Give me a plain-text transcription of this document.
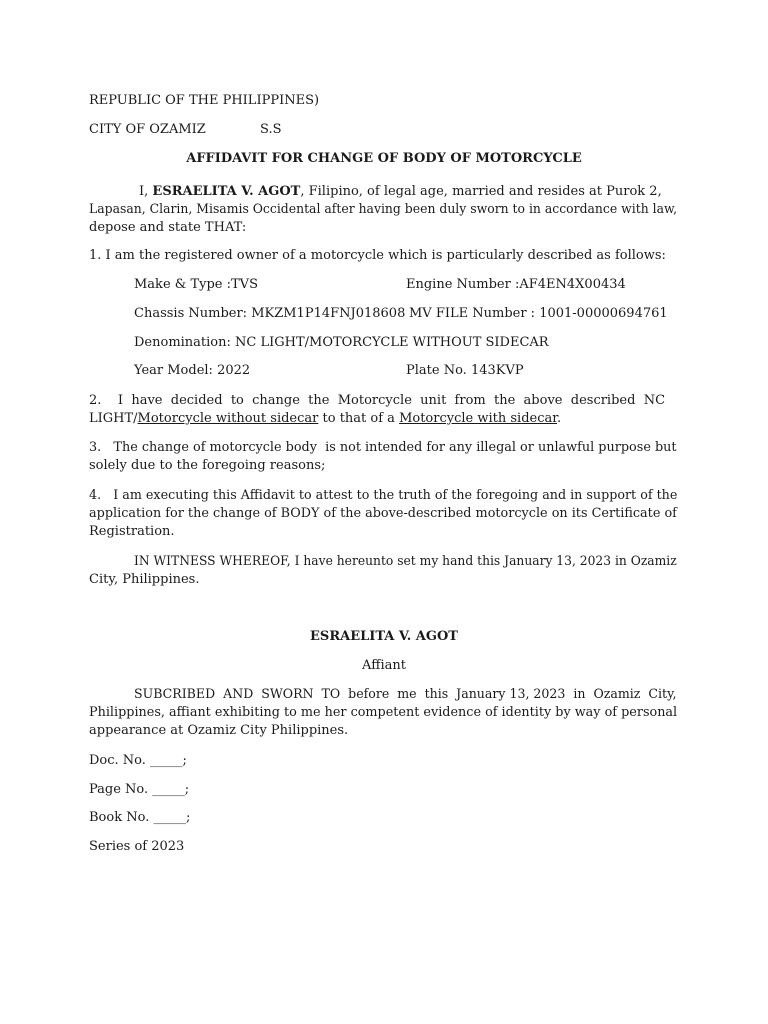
REPUBLIC OF THE PHILIPPINES)
CITY OF OZAMIZ	S.S
AFFIDAVIT FOR CHANGE OF BODY OF MOTORCYCLE
I, ESRAELITA V. AGOT, Filipino, of legal age, married and resides at Purok 2,
Lapasan, Clarin, Misamis Occidental after having been duly sworn to in accordance with law,
depose and state THAT:
1. I am the registered owner of a motorcycle which is particularly described as follows:
Make & Type :TVS	Engine Number :AF4EN4X00434
Chassis Number: MKZM1P14FNJ018608 MV FILE Number : 1001-00000694761
Denomination: NC LIGHT/MOTORCYCLE WITHOUT SIDECAR
Year Model: 2022	Plate No. 143KVP
2.    I  have  decided  to  change  the  Motorcycle  unit  from  the  above  described  NC
LIGHT/Motorcycle without sidecar to that of a Motorcycle with sidecar.
3.   The change of motorcycle body  is not intended for any illegal or unlawful purpose but
solely due to the foregoing reasons;
4.   I am executing this Affidavit to attest to the truth of the foregoing and in support of the
application for the change of BODY of the above-described motorcycle on its Certificate of
Registration.
IN WITNESS WHEREOF, I have hereunto set my hand this January 13, 2023 in Ozamiz
City, Philippines.
ESRAELITA V. AGOT
Affiant
SUBCRIBED  AND  SWORN  TO  before  me  this  January 13, 2023  in  Ozamiz  City,
Philippines, affiant exhibiting to me her competent evidence of identity by way of personal
appearance at Ozamiz City Philippines.
Doc. No. _____;
Page No. _____;
Book No. _____;
Series of 2023
